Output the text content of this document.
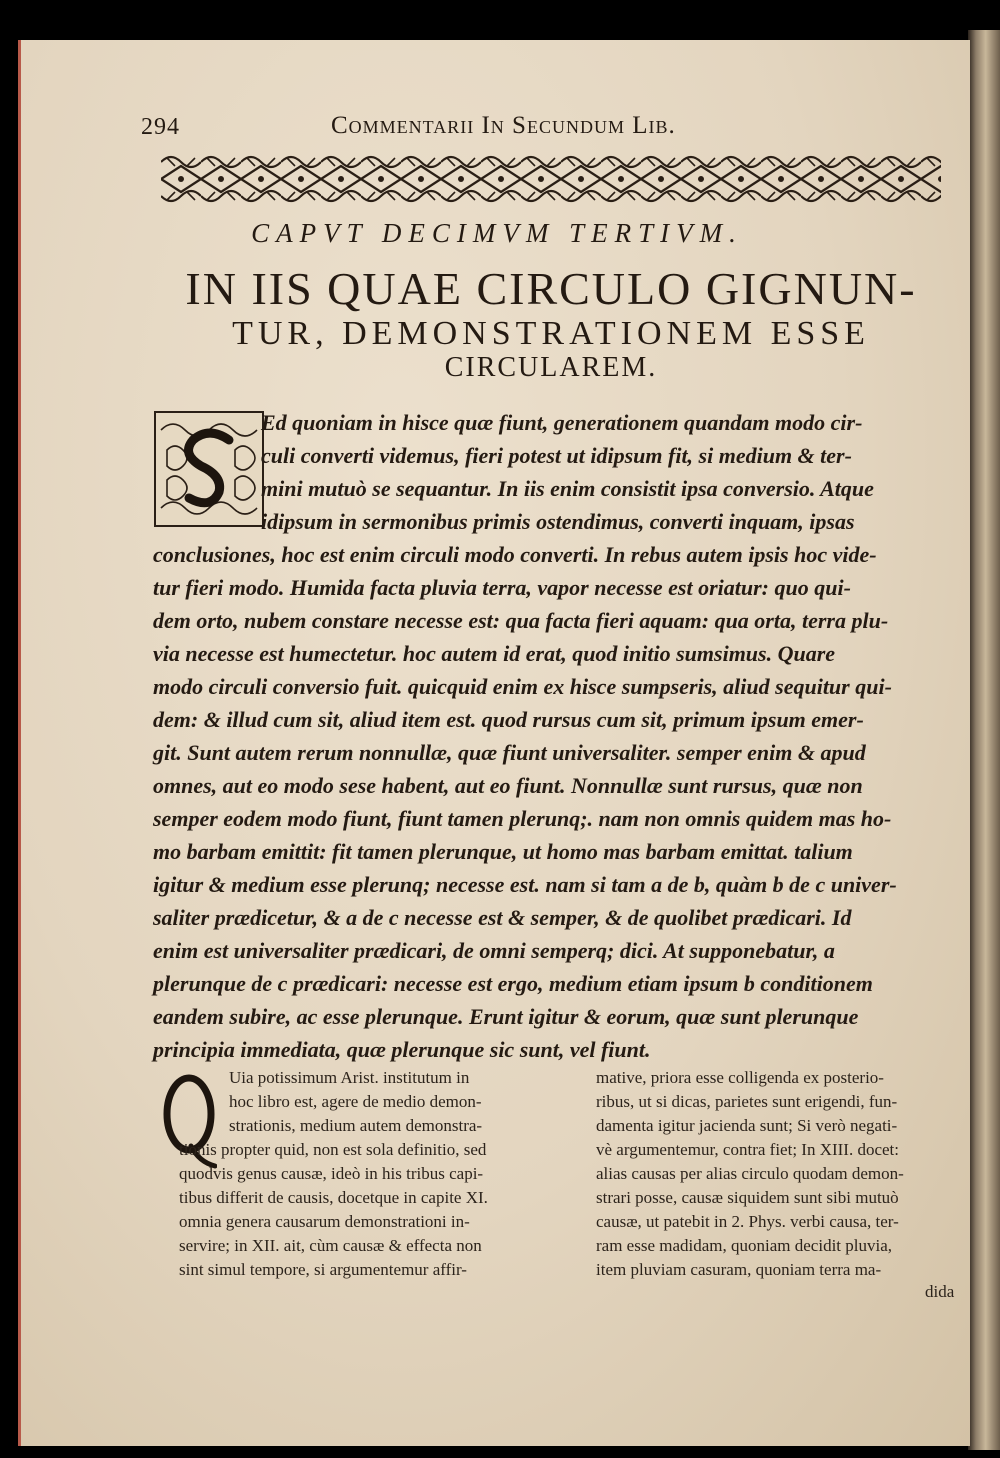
294	Commentarii In Secundum Lib.
CAPVT DECIMVM TERTIVM.
IN IIS QUAE CIRCULO GIGNUN-
TUR, DEMONSTRATIONEM ESSE
CIRCULAREM.
Ed quoniam in hisce quæ fiunt, generationem quandam modo cir-
culi converti videmus, fieri potest ut idipsum fit, si medium & ter-
mini mutuò se sequantur. In iis enim consistit ipsa conversio. Atque
idipsum in sermonibus primis ostendimus, converti inquam, ipsas
conclusiones, hoc est enim circuli modo converti. In rebus autem ipsis hoc vide-
tur fieri modo. Humida facta pluvia terra, vapor necesse est oriatur: quo qui-
dem orto, nubem constare necesse est: qua facta fieri aquam: qua orta, terra plu-
via necesse est humectetur. hoc autem id erat, quod initio sumsimus. Quare
modo circuli conversio fuit. quicquid enim ex hisce sumpseris, aliud sequitur qui-
dem: & illud cum sit, aliud item est. quod rursus cum sit, primum ipsum emer-
git. Sunt autem rerum nonnullæ, quæ fiunt universaliter. semper enim & apud
omnes, aut eo modo sese habent, aut eo fiunt. Nonnullæ sunt rursus, quæ non
semper eodem modo fiunt, fiunt tamen plerunq;. nam non omnis quidem mas ho-
mo barbam emittit: fit tamen plerunque, ut homo mas barbam emittat. talium
igitur & medium esse plerunq; necesse est. nam si tam a de b, quàm b de c univer-
saliter prædicetur, & a de c necesse est & semper, & de quolibet prædicari. Id
enim est universaliter prædicari, de omni semperq; dici. At supponebatur, a
plerunque de c prædicari: necesse est ergo, medium etiam ipsum b conditionem
eandem subire, ac esse plerunque. Erunt igitur & eorum, quæ sunt plerunque
principia immediata, quæ plerunque sic sunt, vel fiunt.
Uia potissimum Arist. institutum in
hoc libro est, agere de medio demon-
strationis, medium autem demonstra-
tionis propter quid, non est sola definitio, sed
quodvis genus causæ, ideò in his tribus capi-
tibus differit de causis, docetque in capite XI.
omnia genera causarum demonstrationi in-
servire; in XII. ait, cùm causæ & effecta non
sint simul tempore, si argumentemur affir-
mative, priora esse colligenda ex posterio-
ribus, ut si dicas, parietes sunt erigendi, fun-
damenta igitur jacienda sunt; Si verò negati-
vè argumentemur, contra fiet; In XIII. docet:
alias causas per alias circulo quodam demon-
strari posse, causæ siquidem sunt sibi mutuò
causæ, ut patebit in 2. Phys. verbi causa, ter-
ram esse madidam, quoniam decidit pluvia,
item pluviam casuram, quoniam terra ma-
dida
